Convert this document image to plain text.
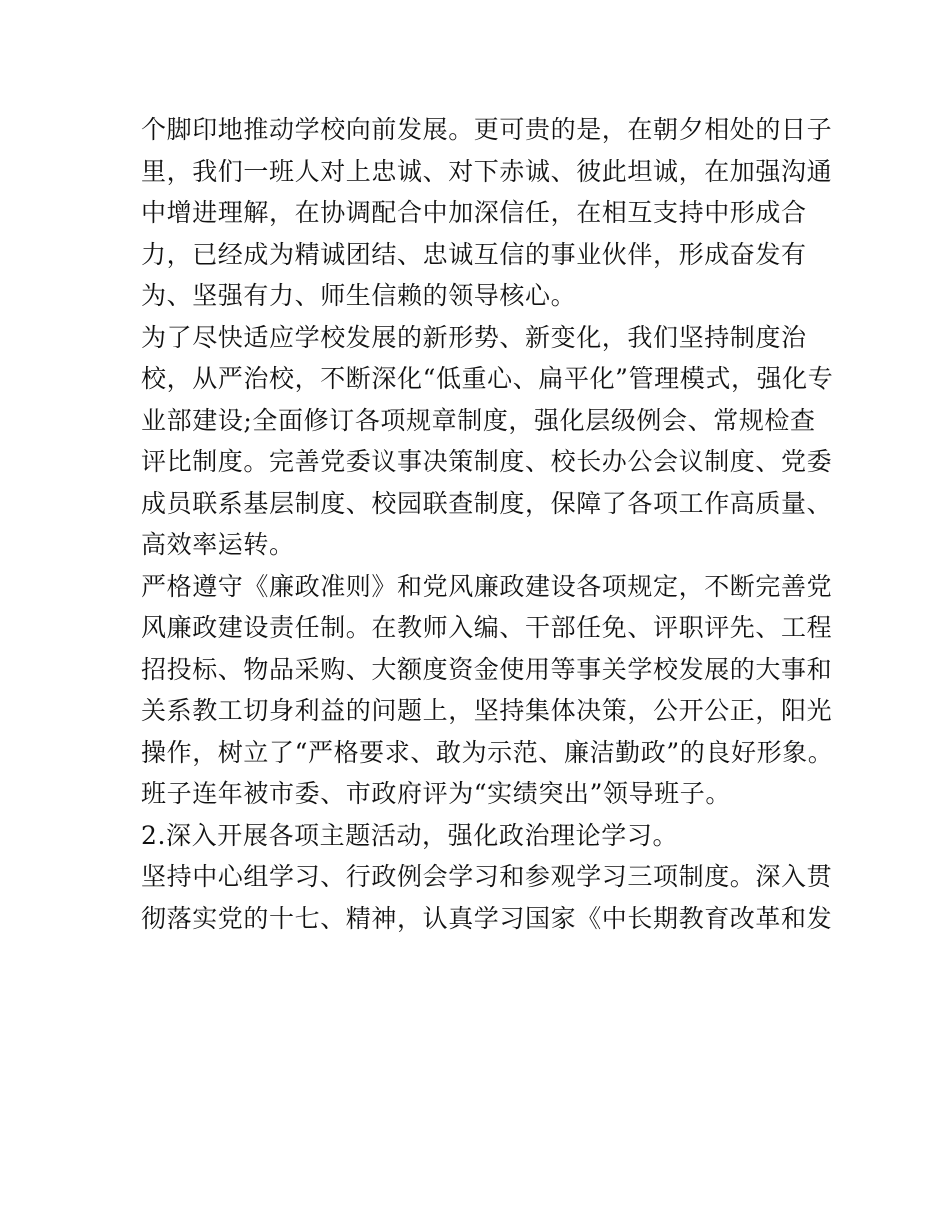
个脚印地推动学校向前发展。更可贵的是，在朝夕相处的日子
里，我们一班人对上忠诚、对下赤诚、彼此坦诚，在加强沟通
中增进理解，在协调配合中加深信任，在相互支持中形成合
力，已经成为精诚团结、忠诚互信的事业伙伴，形成奋发有
为、坚强有力、师生信赖的领导核心。
为了尽快适应学校发展的新形势、新变化，我们坚持制度治
校，从严治校，不断深化“低重心、扁平化”管理模式，强化专
业部建设;全面修订各项规章制度，强化层级例会、常规检查
评比制度。完善党委议事决策制度、校长办公会议制度、党委
成员联系基层制度、校园联查制度，保障了各项工作高质量、
高效率运转。
严格遵守《廉政准则》和党风廉政建设各项规定，不断完善党
风廉政建设责任制。在教师入编、干部任免、评职评先、工程
招投标、物品采购、大额度资金使用等事关学校发展的大事和
关系教工切身利益的问题上，坚持集体决策，公开公正，阳光
操作，树立了“严格要求、敢为示范、廉洁勤政”的良好形象。
班子连年被市委、市政府评为“实绩突出”领导班子。
2.深入开展各项主题活动，强化政治理论学习。
坚持中心组学习、行政例会学习和参观学习三项制度。深入贯
彻落实党的十七、精神，认真学习国家《中长期教育改革和发
